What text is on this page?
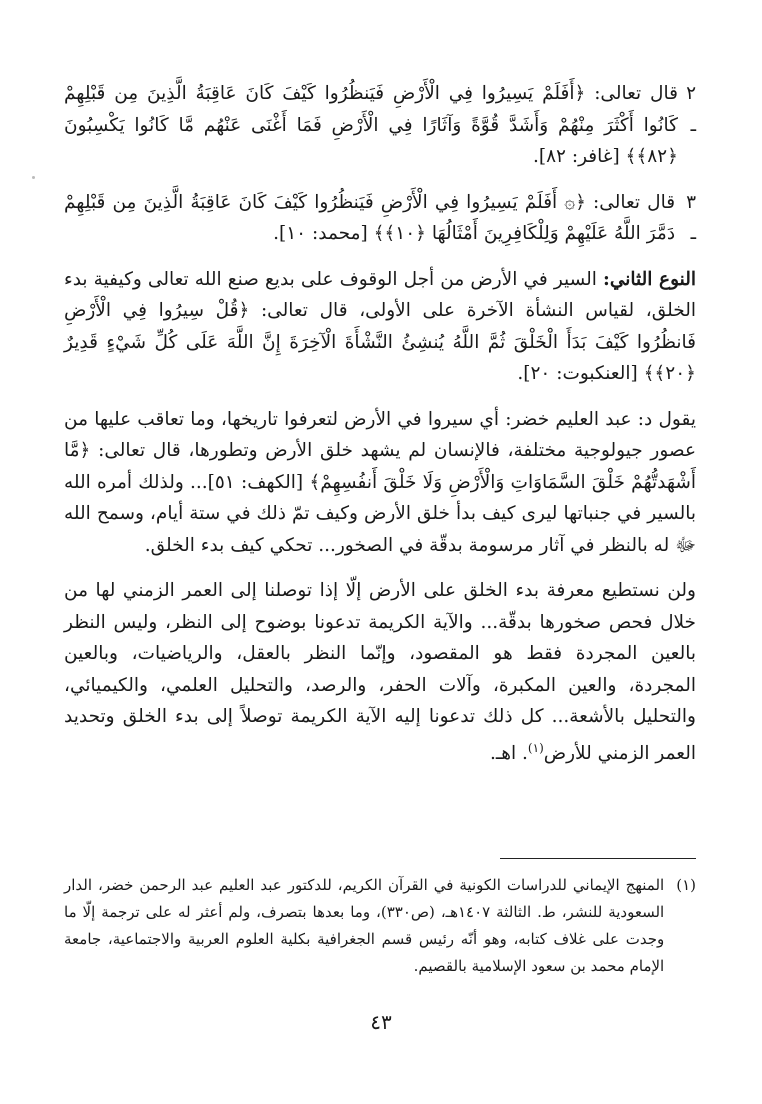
٢ ـ

قال تعالى: ﴿أَفَلَمْ يَسِيرُوا فِي الْأَرْضِ فَيَنظُرُوا كَيْفَ كَانَ عَاقِبَةُ الَّذِينَ مِن قَبْلِهِمْ كَانُوا أَكْثَرَ مِنْهُمْ وَأَشَدَّ قُوَّةً وَآثَارًا فِي الْأَرْضِ فَمَا أَغْنَى عَنْهُم مَّا كَانُوا يَكْسِبُونَ ﴿٨٢﴾﴾ [غافر: ٨٢].

٣ ـ

قال تعالى: ﴿۞ أَفَلَمْ يَسِيرُوا فِي الْأَرْضِ فَيَنظُرُوا كَيْفَ كَانَ عَاقِبَةُ الَّذِينَ مِن قَبْلِهِمْ دَمَّرَ اللَّهُ عَلَيْهِمْ وَلِلْكَافِرِينَ أَمْثَالُهَا ﴿١٠﴾﴾ [محمد: ١٠].

النوع الثاني: السير في الأرض من أجل الوقوف على بديع صنع الله تعالى وكيفية بدء الخلق، لقياس النشأة الآخرة على الأولى، قال تعالى: ﴿قُلْ سِيرُوا فِي الْأَرْضِ فَانظُرُوا كَيْفَ بَدَأَ الْخَلْقَ ثُمَّ اللَّهُ يُنشِئُ النَّشْأَةَ الْآخِرَةَ إِنَّ اللَّهَ عَلَى كُلِّ شَيْءٍ قَدِيرٌ ﴿٢٠﴾﴾ [العنكبوت: ٢٠].

يقول د: عبد العليم خضر: أي سيروا في الأرض لتعرفوا تاريخها، وما تعاقب عليها من عصور جيولوجية مختلفة، فالإنسان لم يشهد خلق الأرض وتطورها، قال تعالى: ﴿مَّا أَشْهَدتُّهُمْ خَلْقَ السَّمَاوَاتِ وَالْأَرْضِ وَلَا خَلْقَ أَنفُسِهِمْ﴾ [الكهف: ٥١]... ولذلك أمره الله بالسير في جنباتها ليرى كيف بدأ خلق الأرض وكيف تمّ ذلك في ستة أيام، وسمح الله ﷻ له بالنظر في آثار مرسومة بدقّة في الصخور... تحكي كيف بدء الخلق.

ولن نستطيع معرفة بدء الخلق على الأرض إلّا إذا توصلنا إلى العمر الزمني لها من خلال فحص صخورها بدقّة... والآية الكريمة تدعونا بوضوح إلى النظر، وليس النظر بالعين المجردة فقط هو المقصود، وإنّما النظر بالعقل، والرياضيات، وبالعين المجردة، والعين المكبرة، وآلات الحفر، والرصد، والتحليل العلمي، والكيميائي، والتحليل بالأشعة... كل ذلك تدعونا إليه الآية الكريمة توصلاً إلى بدء الخلق وتحديد العمر الزمني للأرض$^{(١)}$. اهـ.

(١)
المنهج الإيماني للدراسات الكونية في القرآن الكريم، للدكتور عبد العليم عبد الرحمن خضر، الدار السعودية للنشر، ط. الثالثة ١٤٠٧هـ، (ص٣٣٠)، وما بعدها بتصرف، ولم أعثر له على ترجمة إلّا ما وجدت على غلاف كتابه، وهو أنّه رئيس قسم الجغرافية بكلية العلوم العربية والاجتماعية، جامعة الإمام محمد بن سعود الإسلامية بالقصيم.
٤٣
